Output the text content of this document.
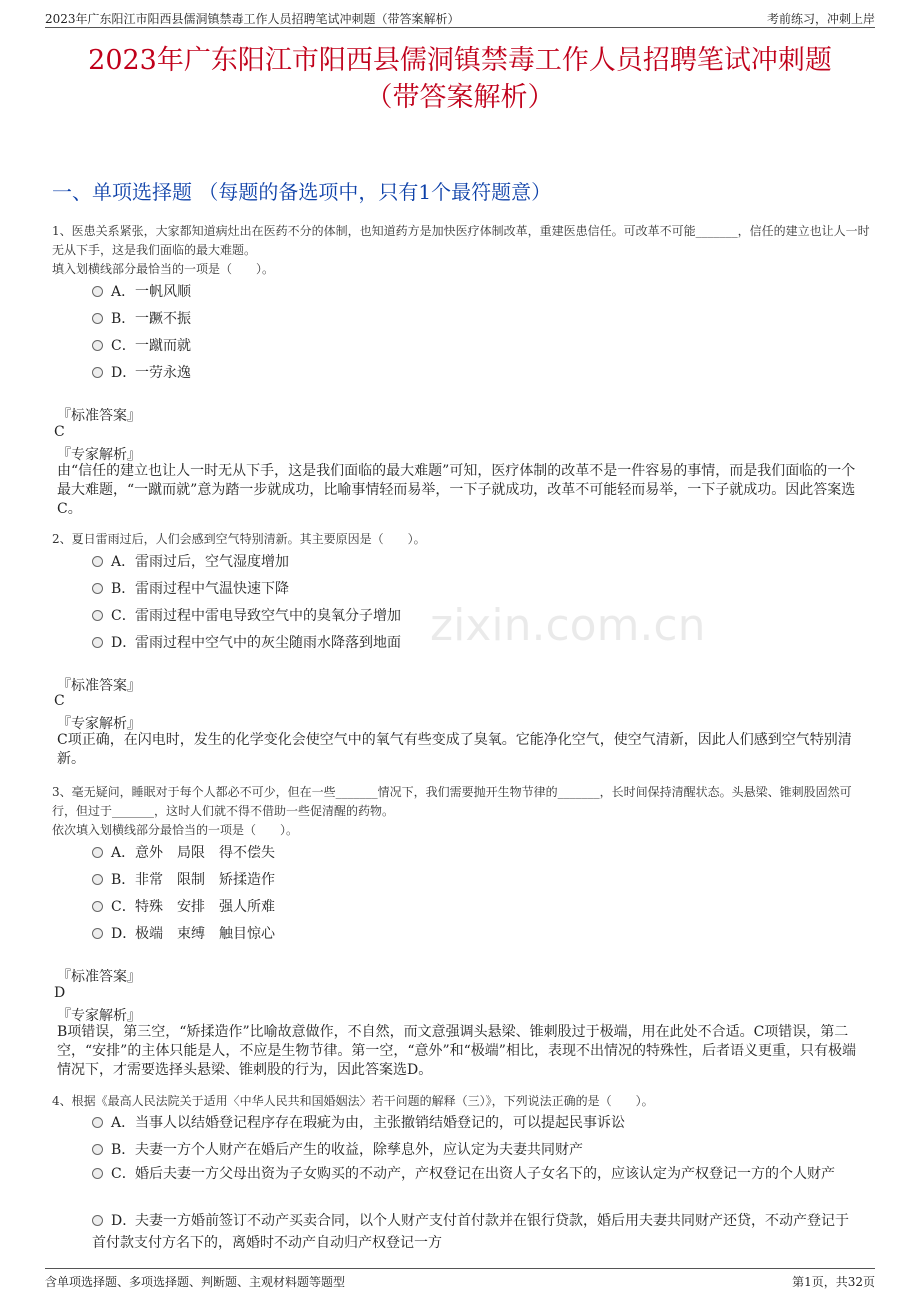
2023年广东阳江市阳西县儒洞镇禁毒工作人员招聘笔试冲刺题（带答案解析）	考前练习，冲刺上岸
2023年广东阳江市阳西县儒洞镇禁毒工作人员招聘笔试冲刺题
（带答案解析）
一、单项选择题 （每题的备选项中，只有1个最符题意）
zixin.com.cn
1、医患关系紧张，大家都知道病灶出在医药不分的体制，也知道药方是加快医疗体制改革，重建医患信任。可改革不可能_______，信任的建立也让人一时无从下手，这是我们面临的最大难题。
填入划横线部分最恰当的一项是（　　）。
A．一帆风顺
B．一蹶不振
C．一蹴而就
D．一劳永逸
『标准答案』
C
『专家解析』
由“信任的建立也让人一时无从下手，这是我们面临的最大难题”可知，医疗体制的改革不是一件容易的事情，而是我们面临的一个最大难题，“一蹴而就”意为踏一步就成功，比喻事情轻而易举，一下子就成功，改革不可能轻而易举，一下子就成功。因此答案选C。
2、夏日雷雨过后，人们会感到空气特别清新。其主要原因是（　　）。
A．雷雨过后，空气湿度增加
B．雷雨过程中气温快速下降
C．雷雨过程中雷电导致空气中的臭氧分子增加
D．雷雨过程中空气中的灰尘随雨水降落到地面
『标准答案』
C
『专家解析』
C项正确，在闪电时，发生的化学变化会使空气中的氧气有些变成了臭氧。它能净化空气，使空气清新，因此人们感到空气特别清新。
3、毫无疑问，睡眠对于每个人都必不可少，但在一些_______情况下，我们需要抛开生物节律的_______，长时间保持清醒状态。头悬梁、锥刺股固然可行，但过于_______，这时人们就不得不借助一些促清醒的药物。
依次填入划横线部分最恰当的一项是（　　）。
A．意外　局限　得不偿失
B．非常　限制　矫揉造作
C．特殊　安排　强人所难
D．极端　束缚　触目惊心
『标准答案』
D
『专家解析』
B项错误，第三空，“矫揉造作”比喻故意做作，不自然，而文意强调头悬梁、锥刺股过于极端，用在此处不合适。C项错误，第二空，“安排”的主体只能是人，不应是生物节律。第一空，“意外”和“极端”相比，表现不出情况的特殊性，后者语义更重，只有极端情况下，才需要选择头悬梁、锥刺股的行为，因此答案选D。
4、根据《最高人民法院关于适用〈中华人民共和国婚姻法〉若干问题的解释（三）》，下列说法正确的是（　　）。
A．当事人以结婚登记程序存在瑕疵为由，主张撤销结婚登记的，可以提起民事诉讼
B．夫妻一方个人财产在婚后产生的收益，除孳息外，应认定为夫妻共同财产
C．婚后夫妻一方父母出资为子女购买的不动产，产权登记在出资人子女名下的，应该认定为产权登记一方的个人财产
D．夫妻一方婚前签订不动产买卖合同，以个人财产支付首付款并在银行贷款，婚后用夫妻共同财产还贷，不动产登记于首付款支付方名下的，离婚时不动产自动归产权登记一方
含单项选择题、多项选择题、判断题、主观材料题等题型	第1页，共32页
